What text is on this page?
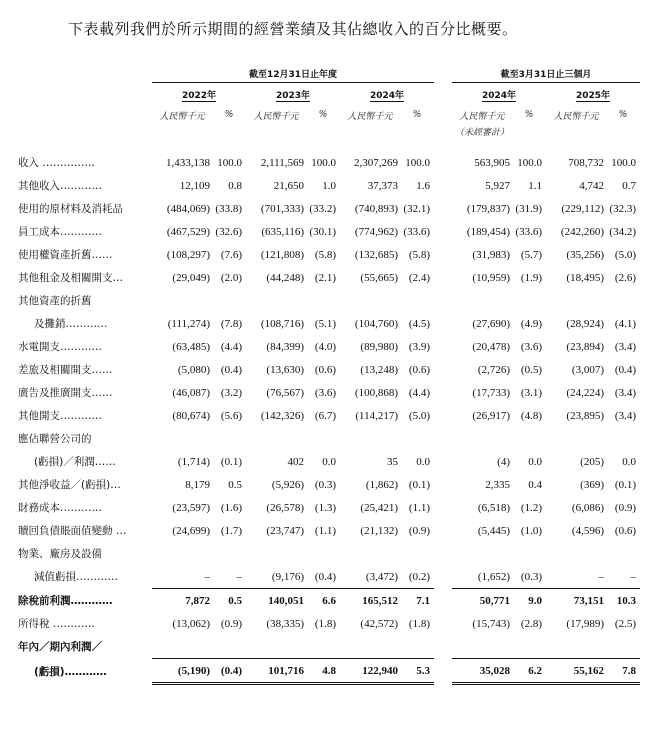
下表載列我們於所示期間的經營業績及其佔總收入的百分比概要。
	截至12月31日止年度							截至3月31日止三個月			
	2022年		2023年		2024年			2024年		2025年	
	人民幣千元	%	人民幣千元	%	人民幣千元	%		人民幣千元	%	人民幣千元	%
								（未經審計）			
收入 ……………	1,433,138	100.0	2,111,569	100.0	2,307,269	100.0		563,905	100.0	708,732	100.0
其他收入…………	12,109	0.8	21,650	1.0	37,373	1.6		5,927	1.1	4,742	0.7
使用的原材料及消耗品	(484,069)	(33.8)	(701,333)	(33.2)	(740,893)	(32.1)		(179,837)	(31.9)	(229,112)	(32.3)
員工成本…………	(467,529)	(32.6)	(635,116)	(30.1)	(774,962)	(33.6)		(189,454)	(33.6)	(242,260)	(34.2)
使用權資產折舊……	(108,297)	(7.6)	(121,808)	(5.8)	(132,685)	(5.8)		(31,983)	(5.7)	(35,256)	(5.0)
其他租金及相關開支…	(29,049)	(2.0)	(44,248)	(2.1)	(55,665)	(2.4)		(10,959)	(1.9)	(18,495)	(2.6)
其他資產的折舊											
及攤銷…………	(111,274)	(7.8)	(108,716)	(5.1)	(104,760)	(4.5)		(27,690)	(4.9)	(28,924)	(4.1)
水電開支…………	(63,485)	(4.4)	(84,399)	(4.0)	(89,980)	(3.9)		(20,478)	(3.6)	(23,894)	(3.4)
差旅及相關開支……	(5,080)	(0.4)	(13,630)	(0.6)	(13,248)	(0.6)		(2,726)	(0.5)	(3,007)	(0.4)
廣告及推廣開支……	(46,087)	(3.2)	(76,567)	(3.6)	(100,868)	(4.4)		(17,733)	(3.1)	(24,224)	(3.4)
其他開支…………	(80,674)	(5.6)	(142,326)	(6.7)	(114,217)	(5.0)		(26,917)	(4.8)	(23,895)	(3.4)
應佔聯營公司的											
(虧損)／利潤……	(1,714)	(0.1)	402	0.0	35	0.0		(4)	0.0	(205)	0.0
其他淨收益／(虧損)…	8,179	0.5	(5,926)	(0.3)	(1,862)	(0.1)		2,335	0.4	(369)	(0.1)
財務成本…………	(23,597)	(1.6)	(26,578)	(1.3)	(25,421)	(1.1)		(6,518)	(1.2)	(6,086)	(0.9)
贖回負債賬面值變動 …	(24,699)	(1.7)	(23,747)	(1.1)	(21,132)	(0.9)		(5,445)	(1.0)	(4,596)	(0.6)
物業、廠房及設備											
減值虧損…………	–	–	(9,176)	(0.4)	(3,472)	(0.2)		(1,652)	(0.3)	–	–
除稅前利潤…………	7,872	0.5	140,051	6.6	165,512	7.1		50,771	9.0	73,151	10.3
所得稅 …………	(13,062)	(0.9)	(38,335)	(1.8)	(42,572)	(1.8)		(15,743)	(2.8)	(17,989)	(2.5)
年內／期內利潤／											
(虧損)…………	(5,190)	(0.4)	101,716	4.8	122,940	5.3		35,028	6.2	55,162	7.8
